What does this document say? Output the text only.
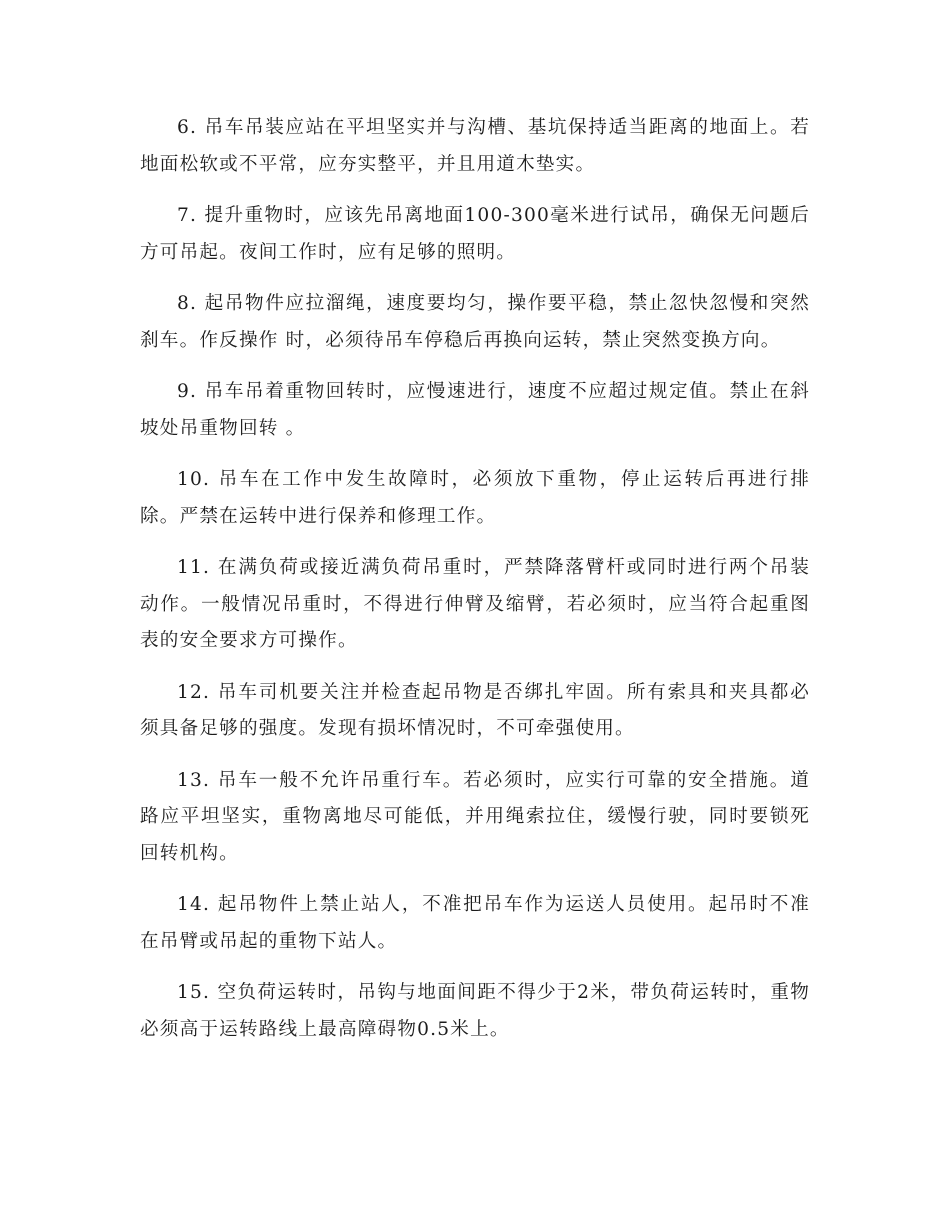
6. 吊车吊装应站在平坦坚实并与沟槽、基坑保持适当距离的地面上。若地面松软或不平常，应夯实整平，并且用道木垫实。

7. 提升重物时，应该先吊离地面100-300毫米进行试吊，确保无问题后方可吊起。夜间工作时，应有足够的照明。

8. 起吊物件应拉溜绳，速度要均匀，操作要平稳，禁止忽快忽慢和突然刹车。作反操作 时，必须待吊车停稳后再换向运转，禁止突然变换方向。

9. 吊车吊着重物回转时，应慢速进行，速度不应超过规定值。禁止在斜坡处吊重物回转 。

10. 吊车在工作中发生故障时，必须放下重物，停止运转后再进行排除。严禁在运转中进行保养和修理工作。

11. 在满负荷或接近满负荷吊重时，严禁降落臂杆或同时进行两个吊装动作。一般情况吊重时，不得进行伸臂及缩臂，若必须时，应当符合起重图表的安全要求方可操作。

12. 吊车司机要关注并检查起吊物是否绑扎牢固。所有索具和夹具都必须具备足够的强度。发现有损坏情况时，不可牵强使用。

13. 吊车一般不允许吊重行车。若必须时，应实行可靠的安全措施。道路应平坦坚实，重物离地尽可能低，并用绳索拉住，缓慢行驶，同时要锁死回转机构。

14. 起吊物件上禁止站人，不准把吊车作为运送人员使用。起吊时不准在吊臂或吊起的重物下站人。

15. 空负荷运转时，吊钩与地面间距不得少于2米，带负荷运转时，重物必须高于运转路线上最高障碍物0.5米上。
